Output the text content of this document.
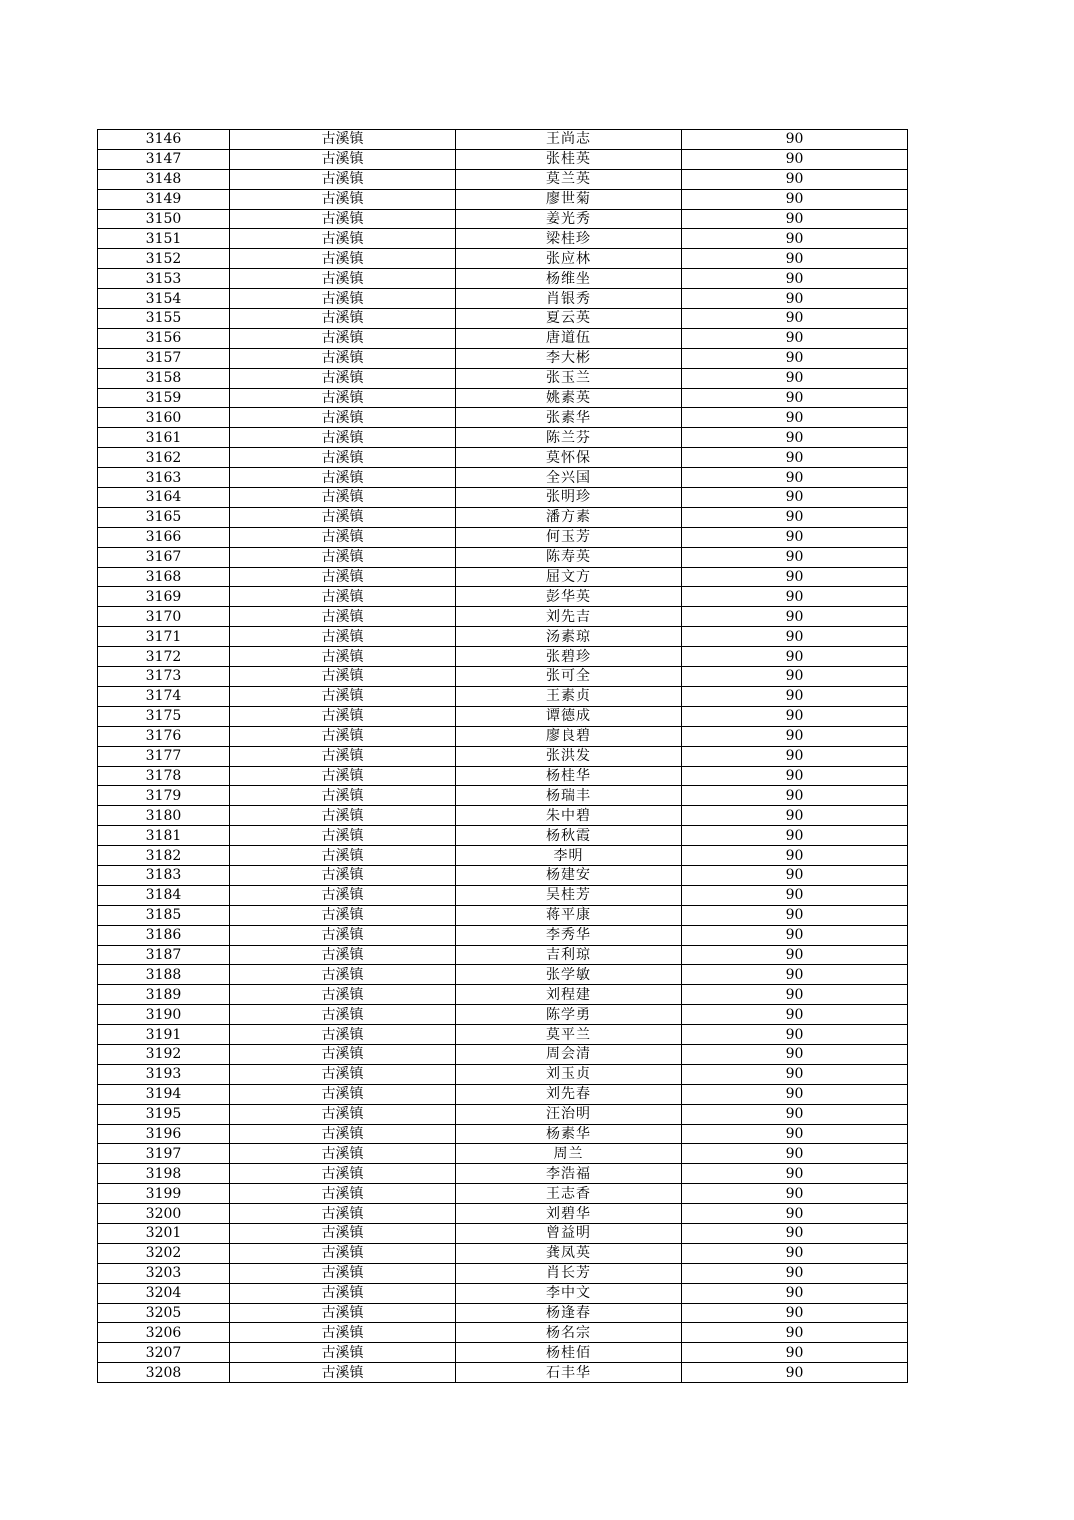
3146	古溪镇	王尚志	90
3147	古溪镇	张桂英	90
3148	古溪镇	莫兰英	90
3149	古溪镇	廖世菊	90
3150	古溪镇	姜光秀	90
3151	古溪镇	梁桂珍	90
3152	古溪镇	张应林	90
3153	古溪镇	杨维坐	90
3154	古溪镇	肖银秀	90
3155	古溪镇	夏云英	90
3156	古溪镇	唐道伍	90
3157	古溪镇	李大彬	90
3158	古溪镇	张玉兰	90
3159	古溪镇	姚素英	90
3160	古溪镇	张素华	90
3161	古溪镇	陈兰芬	90
3162	古溪镇	莫怀保	90
3163	古溪镇	全兴国	90
3164	古溪镇	张明珍	90
3165	古溪镇	潘方素	90
3166	古溪镇	何玉芳	90
3167	古溪镇	陈寿英	90
3168	古溪镇	屈文方	90
3169	古溪镇	彭华英	90
3170	古溪镇	刘先吉	90
3171	古溪镇	汤素琼	90
3172	古溪镇	张碧珍	90
3173	古溪镇	张可全	90
3174	古溪镇	王素贞	90
3175	古溪镇	谭德成	90
3176	古溪镇	廖良碧	90
3177	古溪镇	张洪发	90
3178	古溪镇	杨桂华	90
3179	古溪镇	杨瑞丰	90
3180	古溪镇	朱中碧	90
3181	古溪镇	杨秋霞	90
3182	古溪镇	李明	90
3183	古溪镇	杨建安	90
3184	古溪镇	吴桂芳	90
3185	古溪镇	蒋平康	90
3186	古溪镇	李秀华	90
3187	古溪镇	吉利琼	90
3188	古溪镇	张学敏	90
3189	古溪镇	刘程建	90
3190	古溪镇	陈学勇	90
3191	古溪镇	莫平兰	90
3192	古溪镇	周会清	90
3193	古溪镇	刘玉贞	90
3194	古溪镇	刘先春	90
3195	古溪镇	汪治明	90
3196	古溪镇	杨素华	90
3197	古溪镇	周兰	90
3198	古溪镇	李浩福	90
3199	古溪镇	王志香	90
3200	古溪镇	刘碧华	90
3201	古溪镇	曾益明	90
3202	古溪镇	龚凤英	90
3203	古溪镇	肖长芳	90
3204	古溪镇	李中文	90
3205	古溪镇	杨逢春	90
3206	古溪镇	杨名宗	90
3207	古溪镇	杨桂佰	90
3208	古溪镇	石丰华	90
